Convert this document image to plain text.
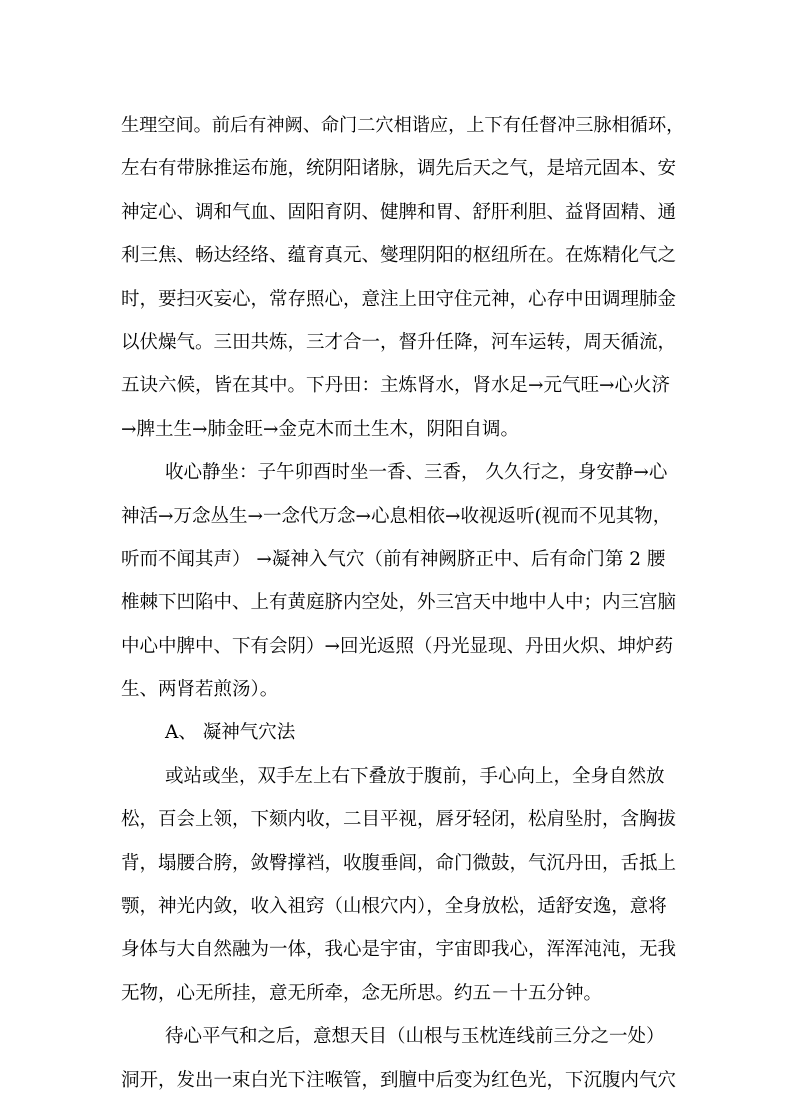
生理空间。前后有神阙、命门二穴相谐应，上下有任督冲三脉相循环，
左右有带脉推运布施，统阴阳诸脉，调先后天之气，是培元固本、安
神定心、调和气血、固阳育阴、健脾和胃、舒肝利胆、益肾固精、通
利三焦、畅达经络、蕴育真元、燮理阴阳的枢纽所在。在炼精化气之
时，要扫灭妄心，常存照心，意注上田守住元神，心存中田调理肺金
以伏燥气。三田共炼，三才合一，督升任降，河车运转，周天循流，
五诀六候，皆在其中。下丹田：主炼肾水，肾水足→元气旺→心火济
→脾土生→肺金旺→金克木而土生木，阴阳自调。
收心静坐：子午卯酉时坐一香、三香， 久久行之，身安静→心
神活→万念丛生→一念代万念→心息相依→收视返听(视而不见其物，
听而不闻其声） →凝神入气穴（前有神阙脐正中、后有命门第 2 腰
椎棘下凹陷中、上有黄庭脐内空处，外三宫天中地中人中；内三宫脑
中心中脾中、下有会阴）→回光返照（丹光显现、丹田火炽、坤炉药
生、两肾若煎汤）。
A、 凝神气穴法
或站或坐，双手左上右下叠放于腹前，手心向上，全身自然放
松，百会上领，下颏内收，二目平视，唇牙轻闭，松肩坠肘，含胸拔
背，塌腰合胯，敛臀撑裆，收腹垂闾，命门微鼓，气沉丹田，舌抵上
颚，神光内敛，收入祖窍（山根穴内），全身放松，适舒安逸，意将
身体与大自然融为一体，我心是宇宙，宇宙即我心，浑浑沌沌，无我
无物，心无所挂，意无所牵，念无所思。约五－十五分钟。
待心平气和之后，意想天目（山根与玉枕连线前三分之一处）
洞开，发出一束白光下注喉管，到膻中后变为红色光，下沉腹内气穴
